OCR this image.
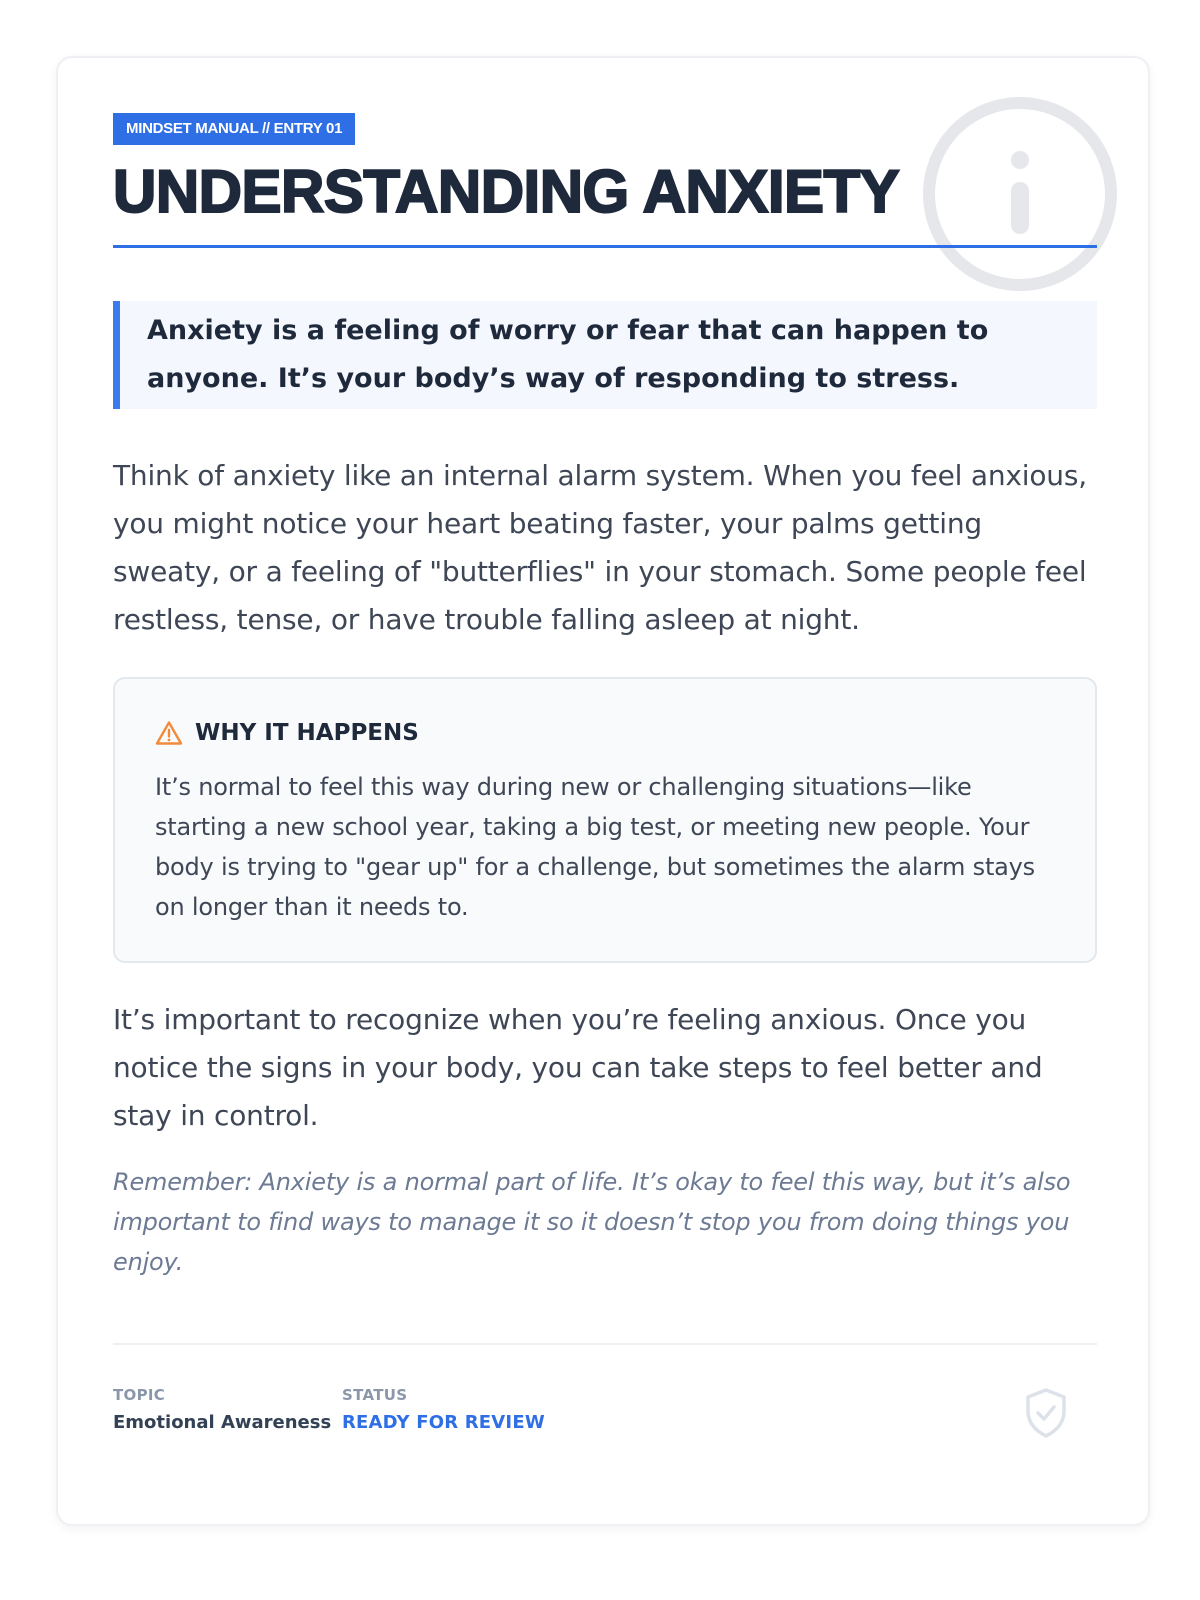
MINDSET MANUAL // ENTRY 01
UNDERSTANDING ANXIETY
Anxiety is a feeling of worry or fear that can happen to anyone. It’s your body’s way of responding to stress.

Think of anxiety like an internal alarm system. When you feel anxious, you might notice your heart beating faster, your palms getting sweaty, or a feeling of "butterflies" in your stomach. Some people feel restless, tense, or have trouble falling asleep at night.

WHY IT HAPPENS
It’s normal to feel this way during new or challenging situations—like starting a new school year, taking a big test, or meeting new people. Your body is trying to "gear up" for a challenge, but sometimes the alarm stays on longer than it needs to.

It’s important to recognize when you’re feeling anxious. Once you notice the signs in your body, you can take steps to feel better and stay in control.

Remember: Anxiety is a normal part of life. It’s okay to feel this way, but it’s also important to find ways to manage it so it doesn’t stop you from doing things you enjoy.

TOPIC
Emotional Awareness
STATUS
READY FOR REVIEW
